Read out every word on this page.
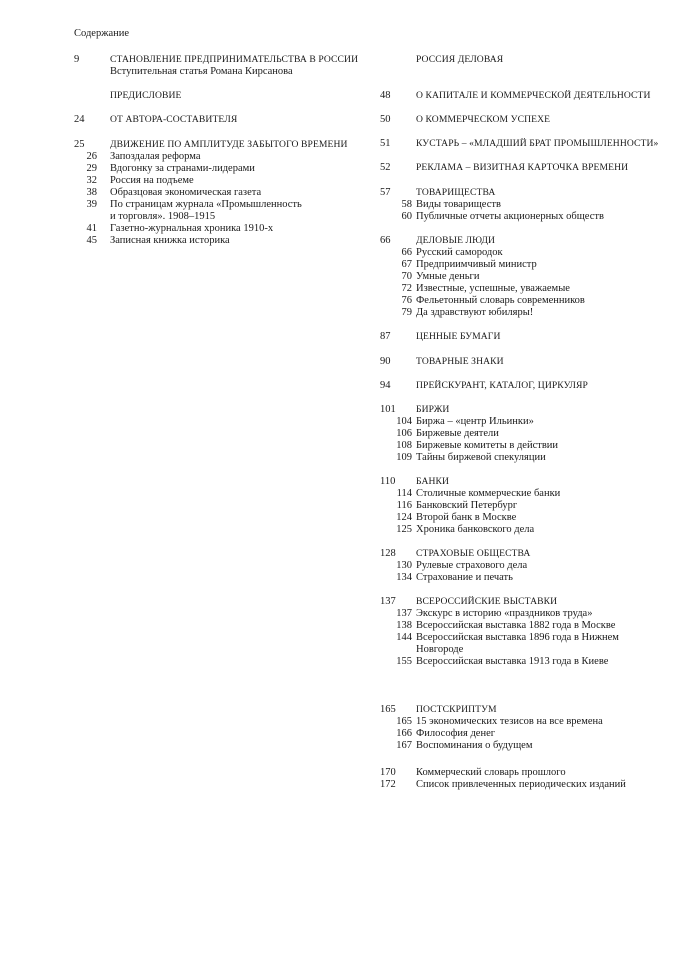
Содержание
9	СТАНОВЛЕНИЕ ПРЕДПРИНИМАТЕЛЬСТВА В РОССИИ
Вступительная статья Романа Кирсанова
ПРЕДИСЛОВИЕ
24	ОТ АВТОРА-СОСТАВИТЕЛЯ
25	ДВИЖЕНИЕ ПО АМПЛИТУДЕ ЗАБЫТОГО ВРЕМЕНИ
26 Запоздалая реформа
29 Вдогонку за странами-лидерами
32 Россия на подъеме
38 Образцовая экономическая газета
39 По страницам журнала «Промышленность
и торговля». 1908–1915
41 Газетно-журнальная хроника 1910-х
45 Записная книжка историка
РОССИЯ ДЕЛОВАЯ
48	О КАПИТАЛЕ И КОММЕРЧЕСКОЙ ДЕЯТЕЛЬНОСТИ
50	О КОММЕРЧЕСКОМ УСПЕХЕ
51	КУСТАРЬ – «МЛАДШИЙ БРАТ ПРОМЫШЛЕННОСТИ»
52	РЕКЛАМА – ВИЗИТНАЯ КАРТОЧКА ВРЕМЕНИ
57	ТОВАРИЩЕСТВА
58 Виды товариществ
60 Публичные отчеты акционерных обществ
66	ДЕЛОВЫЕ ЛЮДИ
66 Русский самородок
67 Предприимчивый министр
70 Умные деньги
72 Известные, успешные, уважаемые
76 Фельетонный словарь современников
79 Да здравствуют юбиляры!
87	ЦЕННЫЕ БУМАГИ
90	ТОВАРНЫЕ ЗНАКИ
94	ПРЕЙСКУРАНТ, КАТАЛОГ, ЦИРКУЛЯР
101	БИРЖИ
104 Биржа – «центр Ильинки»
106 Биржевые деятели
108 Биржевые комитеты в действии
109 Тайны биржевой спекуляции
110	БАНКИ
114 Столичные коммерческие банки
116 Банковский Петербург
124 Второй банк в Москве
125 Хроника банковского дела
128	СТРАХОВЫЕ ОБЩЕСТВА
130 Рулевые страхового дела
134 Страхование и печать
137	ВСЕРОССИЙСКИЕ ВЫСТАВКИ
137 Экскурс в историю «праздников труда»
138 Всероссийская выставка 1882 года в Москве
144 Всероссийская выставка 1896 года в Нижнем
Новгороде
155 Всероссийская выставка 1913 года в Киеве
165	ПОСТСКРИПТУМ
165 15 экономических тезисов на все времена
166 Философия денег
167 Воспоминания о будущем
170	Коммерческий словарь прошлого
172	Список привлеченных периодических изданий
